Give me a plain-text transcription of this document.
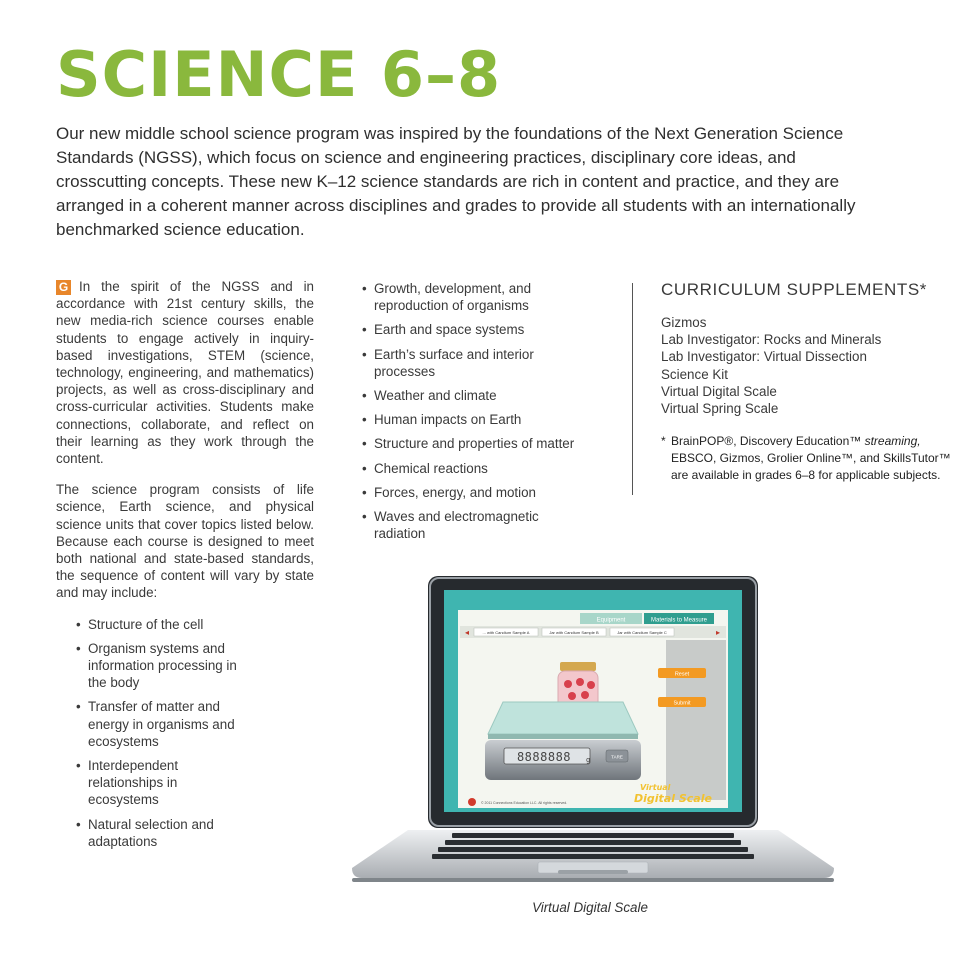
SCIENCE 6–8

Our new middle school science program was inspired by the foundations of the Next Generation Science Standards (NGSS), which focus on science and engineering practices, disciplinary core ideas, and crosscutting concepts. These new K–12 science standards are rich in content and practice, and they are arranged in a coherent manner across disciplines and grades to provide all students with an internationally benchmarked science education.

G In the spirit of the NGSS and in accordance with 21st century skills, the new media-rich science courses enable students to engage actively in inquiry-based investigations, STEM (science, technology, engineering, and mathematics) projects, as well as cross-disciplinary and cross-curricular activities. Students make connections, collaborate, and reflect on their learning as they work through the content.

The science program consists of life science, Earth science, and physical science units that cover topics listed below. Because each course is designed to meet both national and state-based standards, the sequence of content will vary by state and may include:

• Structure of the cell
• Organism systems and information processing in the body
• Transfer of matter and energy in organisms and ecosystems
• Interdependent relationships in ecosystems
• Natural selection and adaptations
• Growth, development, and reproduction of organisms
• Earth and space systems
• Earth’s surface and interior processes
• Weather and climate
• Human impacts on Earth
• Structure and properties of matter
• Chemical reactions
• Forces, energy, and motion
• Waves and electromagnetic radiation
CURRICULUM SUPPLEMENTS*
Gizmos
Lab Investigator: Rocks and Minerals
Lab Investigator: Virtual Dissection
Science Kit
Virtual Digital Scale
Virtual Spring Scale
* BrainPOP®, Discovery Education™ streaming, EBSCO, Gizmos, Grolier Online™, and SkillsTutor™ are available in grades 6–8 for applicable subjects.
Equipment	Materials to Measure
◂	... with Candium Sample A	Jar with Candium Sample B	Jar with Candium Sample C	▸
Reset
Submit
8888888 g	TARE
© 2011 Connections Education LLC. All rights reserved.
Virtual
Digital Scale
Virtual Digital Scale
